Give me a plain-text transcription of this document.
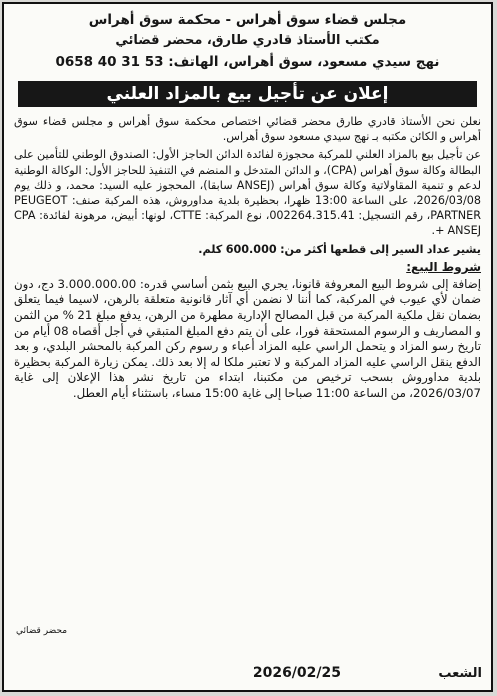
مجلس قضاء سوق أهراس - محكمة سوق أهراس
مكتب الأستاذ قادري طارق، محضر قضائي
نهج سيدي مسعود، سوق أهراس، الهاتف: 53 31 40 0658
إعلان عن تأجيل بيع بالمزاد العلني

نعلن نحن الأستاذ قادري طارق محضر قضائي اختصاص محكمة سوق أهراس و مجلس قضاء سوق أهراس و الكائن مكتبه بـ نهج سيدي مسعود سوق أهراس.

عن تأجيل بيع بالمزاد العلني للمركبة محجوزة لفائدة الدائن الحاجز الأول: الصندوق الوطني للتأمين على البطالة وكالة سوق أهراس (CPA)، و الدائن المتدخل و المنضم في التنفيذ للحاجز الأول: الوكالة الوطنية لدعم و تنمية المقاولاتية وكالة سوق أهراس (ANSEJ سابقا)، المحجوز عليه السيد: محمد، و ذلك يوم 2026/03/08، على الساعة 13:00 ظهرا، بحظيرة بلدية مداوروش، هذه المركبة صنف: PEUGEOT PARTNER، رقم التسجيل: 002264.315.41، نوع المركبة: CTTE، لونها: أبيض، مرهونة لفائدة: CPA + ANSEJ.

يشير عداد السير إلى قطعها أكثر من: 600.000 كلم.

شروط البيع:

إضافة إلى شروط البيع المعروفة قانونا، يجري البيع بثمن أساسي قدره: 3.000.000.00 دج، دون ضمان لأي عيوب في المركبة، كما أننا لا نضمن أي آثار قانونية متعلقة بالرهن، لاسيما فيما يتعلق بضمان نقل ملكية المركبة من قبل المصالح الإدارية مطهرة من الرهن، يدفع مبلغ 21 % من الثمن و المصاريف و الرسوم المستحقة فورا، على أن يتم دفع المبلغ المتبقي في أجل أقصاه 08 أيام من تاريخ رسو المزاد و يتحمل الراسي عليه المزاد أعباء و رسوم ركن المركبة بالمحشر البلدي، و بعد الدفع ينقل الراسي عليه المزاد المركبة و لا تعتبر ملكا له إلا بعد ذلك. يمكن زيارة المركبة بحظيرة بلدية مداوروش بسحب ترخيص من مكتبنا، ابتداء من تاريخ نشر هذا الإعلان إلى غاية 2026/03/07، من الساعة 11:00 صباحا إلى غاية 15:00 مساء، باستثناء أيام العطل.

محضر قضائي
الشعب
2026/02/25
